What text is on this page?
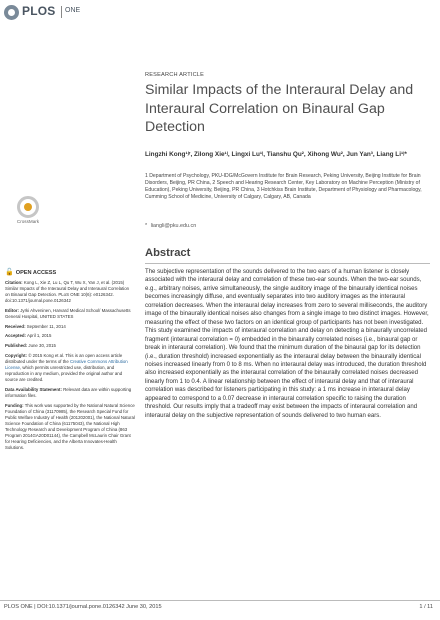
PLOS ONE
RESEARCH ARTICLE
Similar Impacts of the Interaural Delay and Interaural Correlation on Binaural Gap Detection
Lingzhi Kong¹ʲʳ, Zilong Xie¹ʲ, Lingxi Lu¹ʲ, Tianshu Qu², Xihong Wu², Jun Yan³, Liang Li¹ʲ*
1 Department of Psychology, PKU-IDG/McGovern Institute for Brain Research, Peking University, Beijing Institute for Brain Disorders, Beijing, PR China, 2 Speech and Hearing Research Center, Key Laboratory on Machine Perception (Ministry of Education), Peking University, Beijing, PR China, 3 Hotchkiss Brain Institute, Department of Physiology and Pharmacology, Cumming School of Medicine, University of Calgary, Calgary, AB, Canada
* liangli@pku.edu.cn
CrossMark
🔓 OPEN ACCESS

Citation: Kong L, Xie Z, Lu L, Qu T, Wu X, Yan J, et al. (2015) Similar Impacts of the Interaural Delay and Interaural Correlation on Binaural Gap Detection. PLoS ONE 10(6): e0126342. doi:10.1371/journal.pone.0126342

Editor: Jyrki Ahveninen, Harvard Medical School/ Massachusetts General Hospital, UNITED STATES

Received: September 11, 2014

Accepted: April 1, 2015

Published: June 30, 2015

Copyright: © 2015 Kong et al. This is an open access article distributed under the terms of the Creative Commons Attribution License, which permits unrestricted use, distribution, and reproduction in any medium, provided the original author and source are credited.

Data Availability Statement: Relevant data are within supporting information files.

Funding: This work was supported by the National Natural Science Foundation of China (31170985), the Research Special Fund for Public Welfare Industry of Health (201202001), the National Natural Science Foundation of China (61175043), the National High Technology Research and Development Program of China (863 Program 2014GA20D01144), the Campbell McLaurin Chair Grant for Hearing Deficiencies, and the Alberta Innovates-Health Solutions.

Abstract

The subjective representation of the sounds delivered to the two ears of a human listener is closely associated with the interaural delay and correlation of these two-ear sounds. When the two-ear sounds, e.g., arbitrary noises, arrive simultaneously, the single auditory image of the binaurally identical noises becomes increasingly diffuse, and eventually separates into two auditory images as the interaural correlation decreases. When the interaural delay increases from zero to several milliseconds, the auditory image of the binaurally identical noises also changes from a single image to two distinct images. However, measuring the effect of these two factors on an identical group of participants has not been investigated. This study examined the impacts of interaural correlation and delay on detecting a binaurally uncorrelated fragment (interaural correlation = 0) embedded in the binaurally correlated noises (i.e., binaural gap or break in interaural correlation). We found that the minimum duration of the binaural gap for its detection (i.e., duration threshold) increased exponentially as the interaural delay between the binaurally identical noises increased linearly from 0 to 8 ms. When no interaural delay was introduced, the duration threshold also increased exponentially as the interaural correlation of the binaurally correlated noises decreased linearly from 1 to 0.4. A linear relationship between the effect of interaural delay and that of interaural correlation was described for listeners participating in this study: a 1 ms increase in interaural delay appeared to correspond to a 0.07 decrease in interaural correlation specific to raising the duration threshold. Our results imply that a tradeoff may exist between the impacts of interaural correlation and interaural delay on the subjective representation of sounds delivered to two human ears.

PLOS ONE | DOI:10.1371/journal.pone.0126342 June 30, 2015	1 / 11
